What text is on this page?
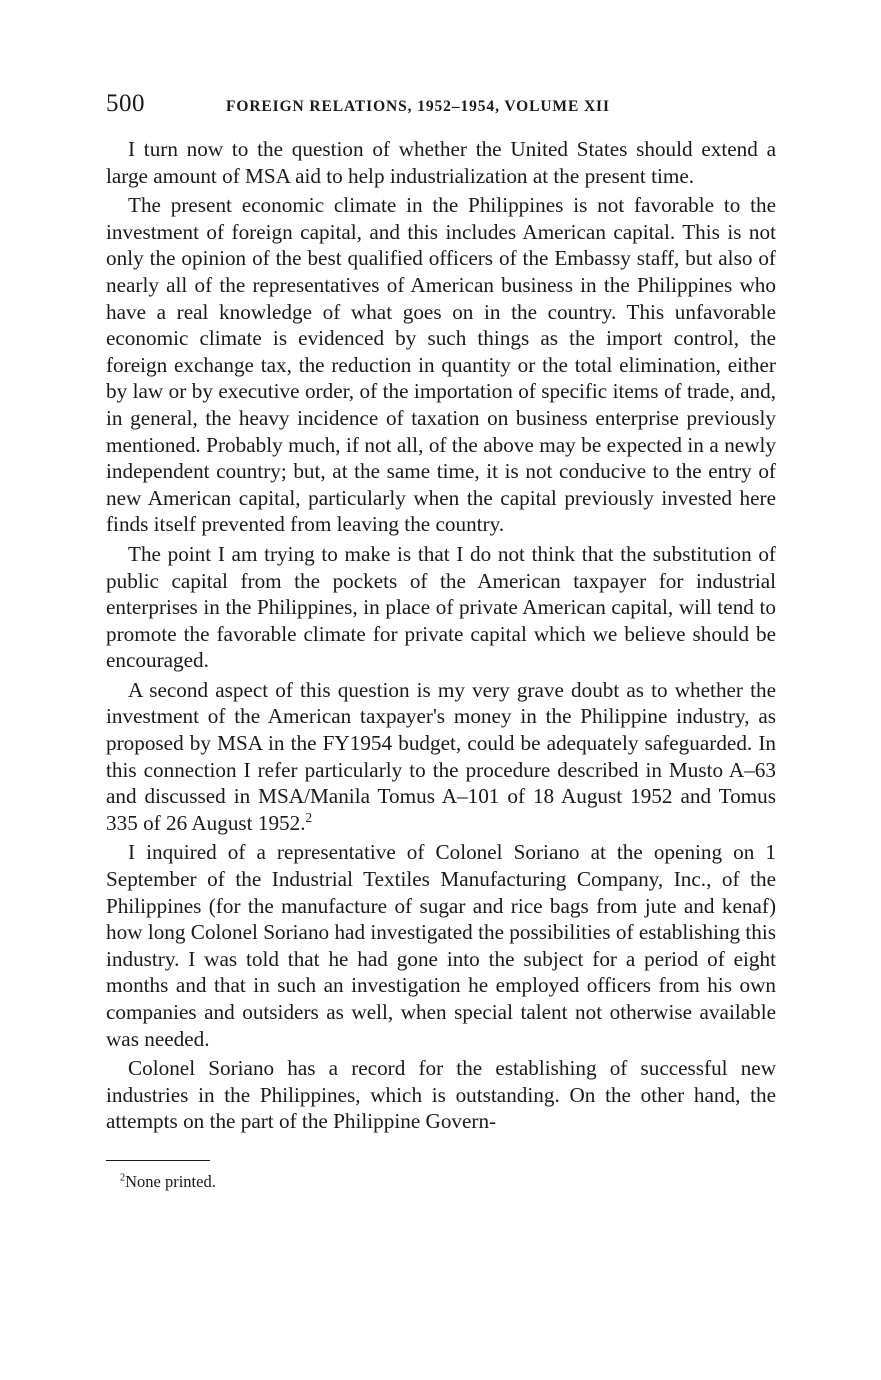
500	FOREIGN RELATIONS, 1952–1954, VOLUME XII

I turn now to the question of whether the United States should extend a large amount of MSA aid to help industrialization at the present time.

The present economic climate in the Philippines is not favorable to the investment of foreign capital, and this includes American capital. This is not only the opinion of the best qualified officers of the Embassy staff, but also of nearly all of the representatives of American business in the Philippines who have a real knowledge of what goes on in the country. This unfavorable economic climate is evidenced by such things as the import control, the foreign exchange tax, the reduction in quantity or the total elimination, either by law or by executive order, of the importation of specific items of trade, and, in general, the heavy incidence of taxation on business enterprise previously mentioned. Probably much, if not all, of the above may be expected in a newly independent country; but, at the same time, it is not conducive to the entry of new American capital, particularly when the capital previously invested here finds itself prevented from leaving the country.

The point I am trying to make is that I do not think that the substitution of public capital from the pockets of the American taxpayer for industrial enterprises in the Philippines, in place of private American capital, will tend to promote the favorable climate for private capital which we believe should be encouraged.

A second aspect of this question is my very grave doubt as to whether the investment of the American taxpayer's money in the Philippine industry, as proposed by MSA in the FY1954 budget, could be adequately safeguarded. In this connection I refer particularly to the procedure described in Musto A–63 and discussed in MSA/Manila Tomus A–101 of 18 August 1952 and Tomus 335 of 26 August 1952.$^2$

I inquired of a representative of Colonel Soriano at the opening on 1 September of the Industrial Textiles Manufacturing Company, Inc., of the Philippines (for the manufacture of sugar and rice bags from jute and kenaf) how long Colonel Soriano had investigated the possibilities of establishing this industry. I was told that he had gone into the subject for a period of eight months and that in such an investigation he employed officers from his own companies and outsiders as well, when special talent not otherwise available was needed.

Colonel Soriano has a record for the establishing of successful new industries in the Philippines, which is outstanding. On the other hand, the attempts on the part of the Philippine Govern-

$^2$None printed.
